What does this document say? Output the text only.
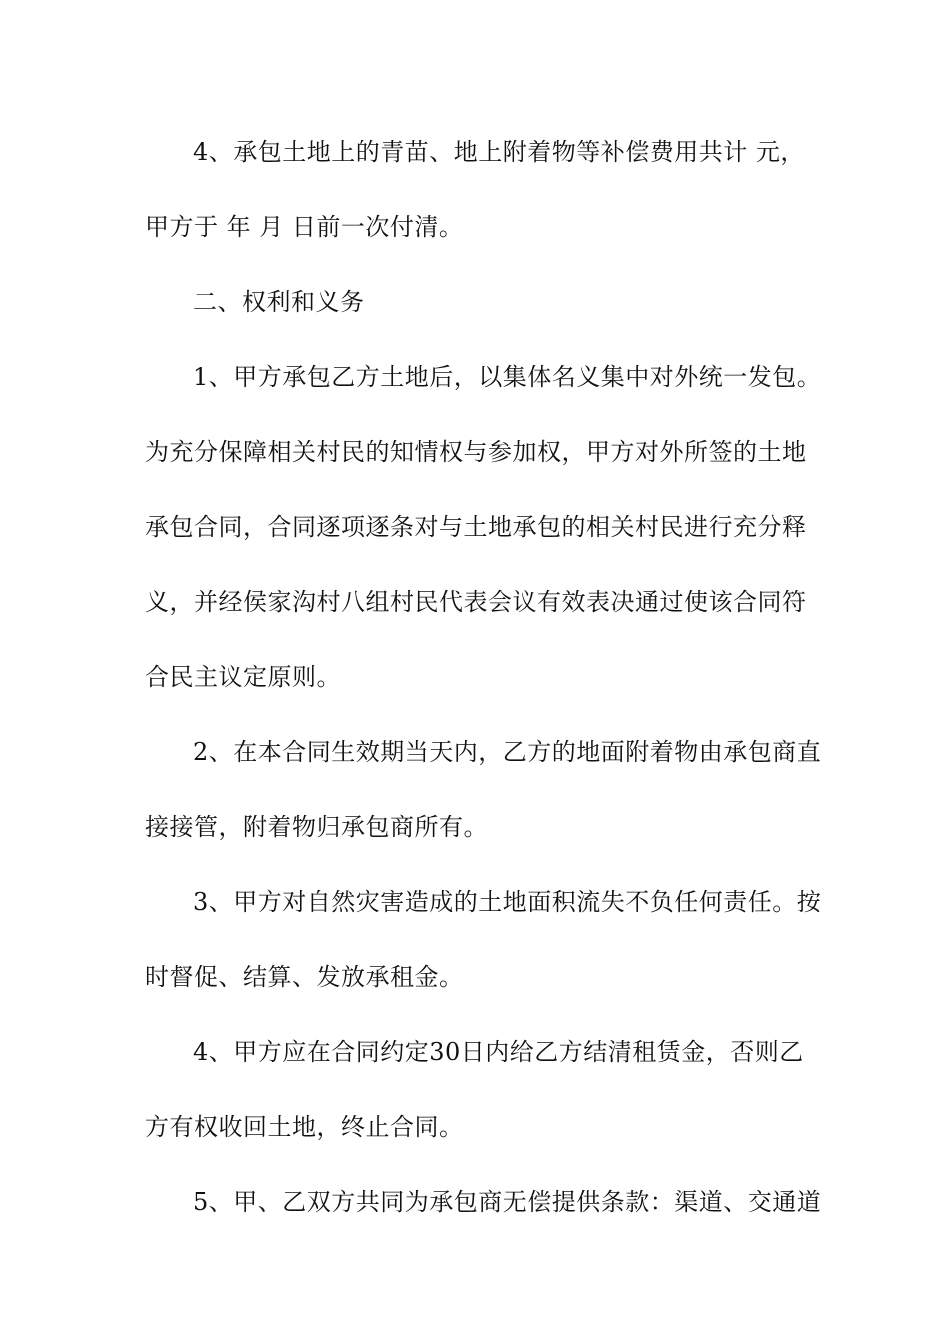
4、承包土地上的青苗、地上附着物等补偿费用共计 元，
甲方于 年 月 日前一次付清。
二、权利和义务
1、甲方承包乙方土地后，以集体名义集中对外统一发包。
为充分保障相关村民的知情权与参加权，甲方对外所签的土地
承包合同，合同逐项逐条对与土地承包的相关村民进行充分释
义，并经侯家沟村八组村民代表会议有效表决通过使该合同符
合民主议定原则。
2、在本合同生效期当天内，乙方的地面附着物由承包商直
接接管，附着物归承包商所有。
3、甲方对自然灾害造成的土地面积流失不负任何责任。按
时督促、结算、发放承租金。
4、甲方应在合同约定30日内给乙方结清租赁金，否则乙
方有权收回土地，终止合同。
5、甲、乙双方共同为承包商无偿提供条款：渠道、交通道
